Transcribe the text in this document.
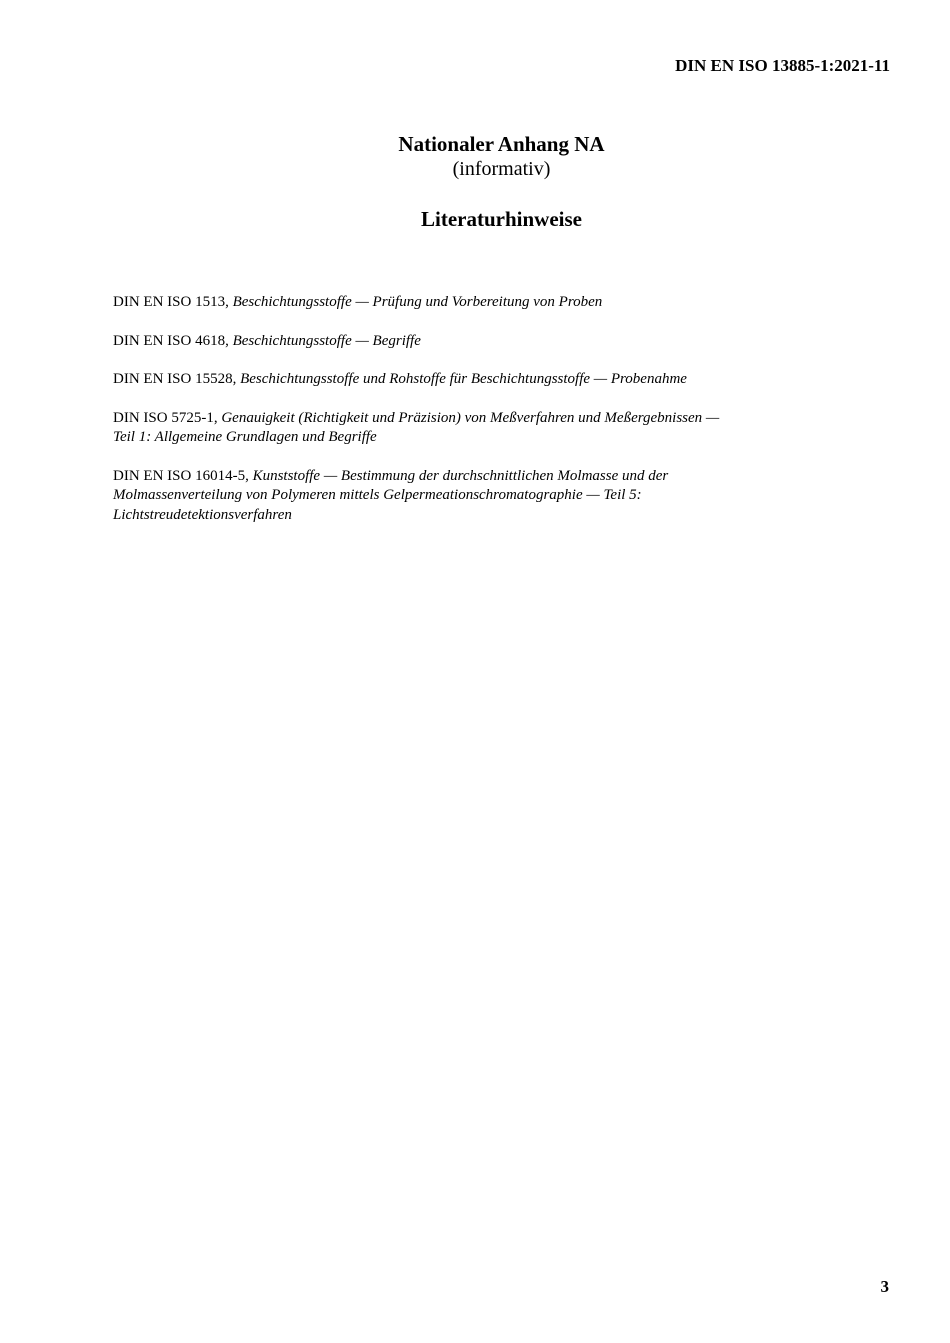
DIN EN ISO 13885-1:2021-11
Nationaler Anhang NA
(informativ)
Literaturhinweise

DIN EN ISO 1513, Beschichtungsstoffe — Prüfung und Vorbereitung von Proben

DIN EN ISO 4618, Beschichtungsstoffe — Begriffe

DIN EN ISO 15528, Beschichtungsstoffe und Rohstoffe für Beschichtungsstoffe — Probenahme

DIN ISO 5725-1, Genauigkeit (Richtigkeit und Präzision) von Meßverfahren und Meßergebnissen —
Teil 1: Allgemeine Grundlagen und Begriffe

DIN EN ISO 16014-5, Kunststoffe — Bestimmung der durchschnittlichen Molmasse und der
Molmassenverteilung von Polymeren mittels Gelpermeationschromatographie — Teil 5:
Lichtstreudetektionsverfahren

3
